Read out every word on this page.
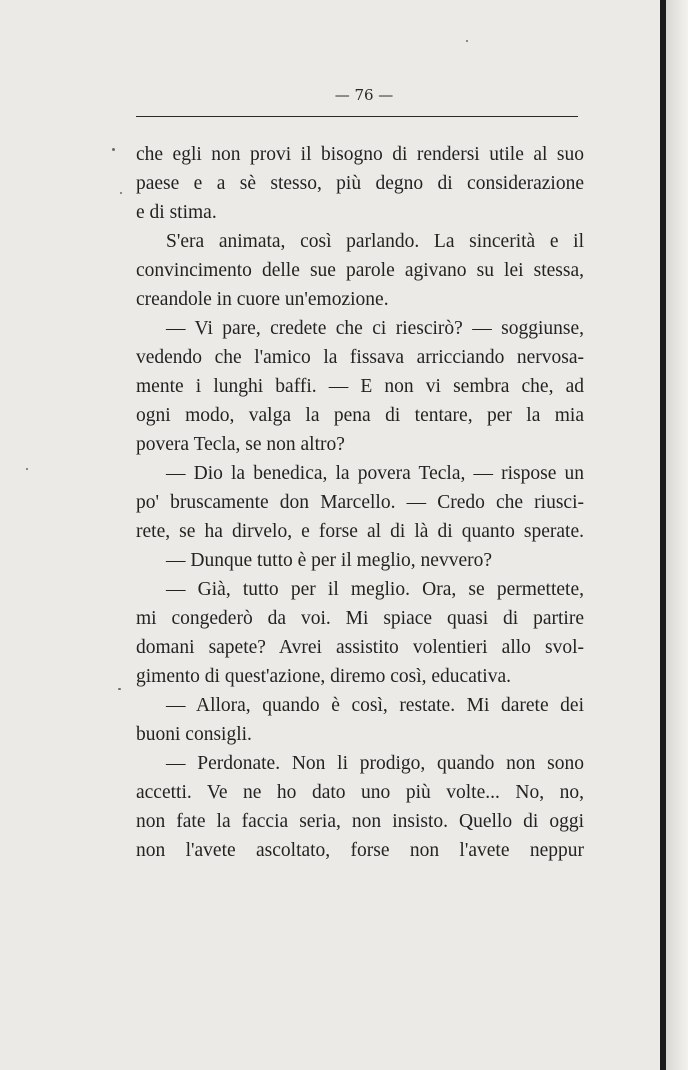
— 76 —
che egli non provi il bisogno di rendersi utile al suo
paese e a sè stesso, più degno di considerazione
e di stima.
S'era animata, così parlando. La sincerità e il
convincimento delle sue parole agivano su lei stessa,
creandole in cuore un'emozione.
— Vi pare, credete che ci riescirò? — soggiunse,
vedendo che l'amico la fissava arricciando nervosa-
mente i lunghi baffi. — E non vi sembra che, ad
ogni modo, valga la pena di tentare, per la mia
povera Tecla, se non altro?
— Dio la benedica, la povera Tecla, — rispose un
po' bruscamente don Marcello. — Credo che riusci-
rete, se ha dirvelo, e forse al di là di quanto sperate.
— Dunque tutto è per il meglio, nevvero?
— Già, tutto per il meglio. Ora, se permettete,
mi congederò da voi. Mi spiace quasi di partire
domani sapete? Avrei assistito volentieri allo svol-
gimento di quest'azione, diremo così, educativa.
— Allora, quando è così, restate. Mi darete dei
buoni consigli.
— Perdonate. Non li prodigo, quando non sono
accetti. Ve ne ho dato uno più volte... No, no,
non fate la faccia seria, non insisto. Quello di oggi
non l'avete ascoltato, forse non l'avete neppur
